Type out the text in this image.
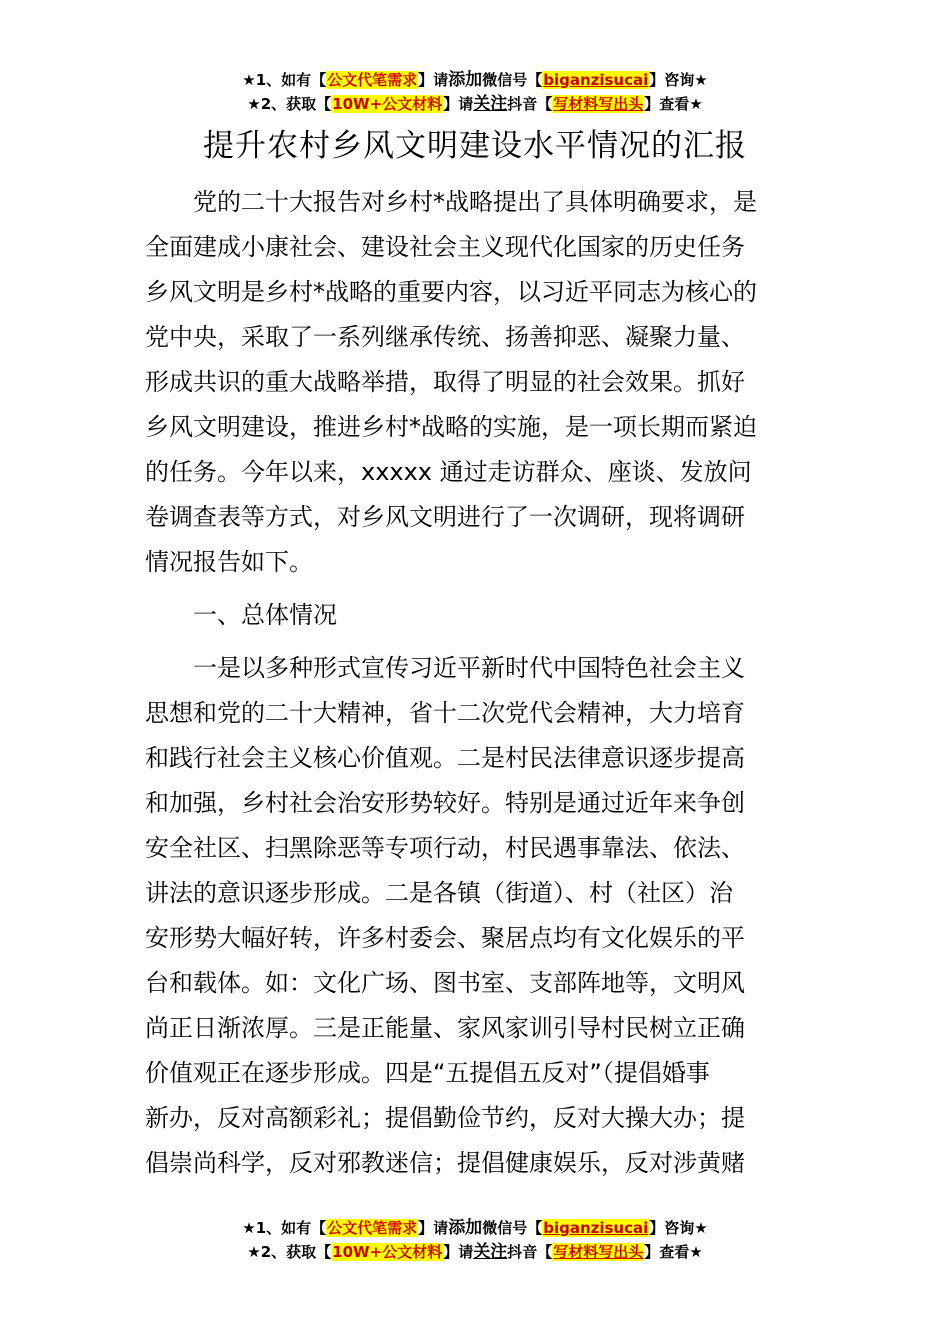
★1、如有【公文代笔需求】请添加微信号【biganzisucai】咨询★
★2、获取【10W+公文材料】请关注抖音【写材料写出头】查看★
提升农村乡风文明建设水平情况的汇报
　　党的二十大报告对乡村*战略提出了具体明确要求，是
全面建成小康社会、建设社会主义现代化国家的历史任务
乡风文明是乡村*战略的重要内容，以习近平同志为核心的
党中央，采取了一系列继承传统、扬善抑恶、凝聚力量、
形成共识的重大战略举措，取得了明显的社会效果。抓好
乡风文明建设，推进乡村*战略的实施，是一项长期而紧迫
的任务。今年以来，xxxxx 通过走访群众、座谈、发放问
卷调查表等方式，对乡风文明进行了一次调研，现将调研
情况报告如下。
　　一、总体情况
　　一是以多种形式宣传习近平新时代中国特色社会主义
思想和党的二十大精神，省十二次党代会精神，大力培育
和践行社会主义核心价值观。二是村民法律意识逐步提高
和加强，乡村社会治安形势较好。特别是通过近年来争创
安全社区、扫黑除恶等专项行动，村民遇事靠法、依法、
讲法的意识逐步形成。二是各镇（街道）、村（社区）治
安形势大幅好转，许多村委会、聚居点均有文化娱乐的平
台和载体。如：文化广场、图书室、支部阵地等，文明风
尚正日渐浓厚。三是正能量、家风家训引导村民树立正确
价值观正在逐步形成。四是“五提倡五反对”（提倡婚事
新办，反对高额彩礼；提倡勤俭节约，反对大操大办；提
倡崇尚科学，反对邪教迷信；提倡健康娱乐，反对涉黄赌
★1、如有【公文代笔需求】请添加微信号【biganzisucai】咨询★
★2、获取【10W+公文材料】请关注抖音【写材料写出头】查看★
